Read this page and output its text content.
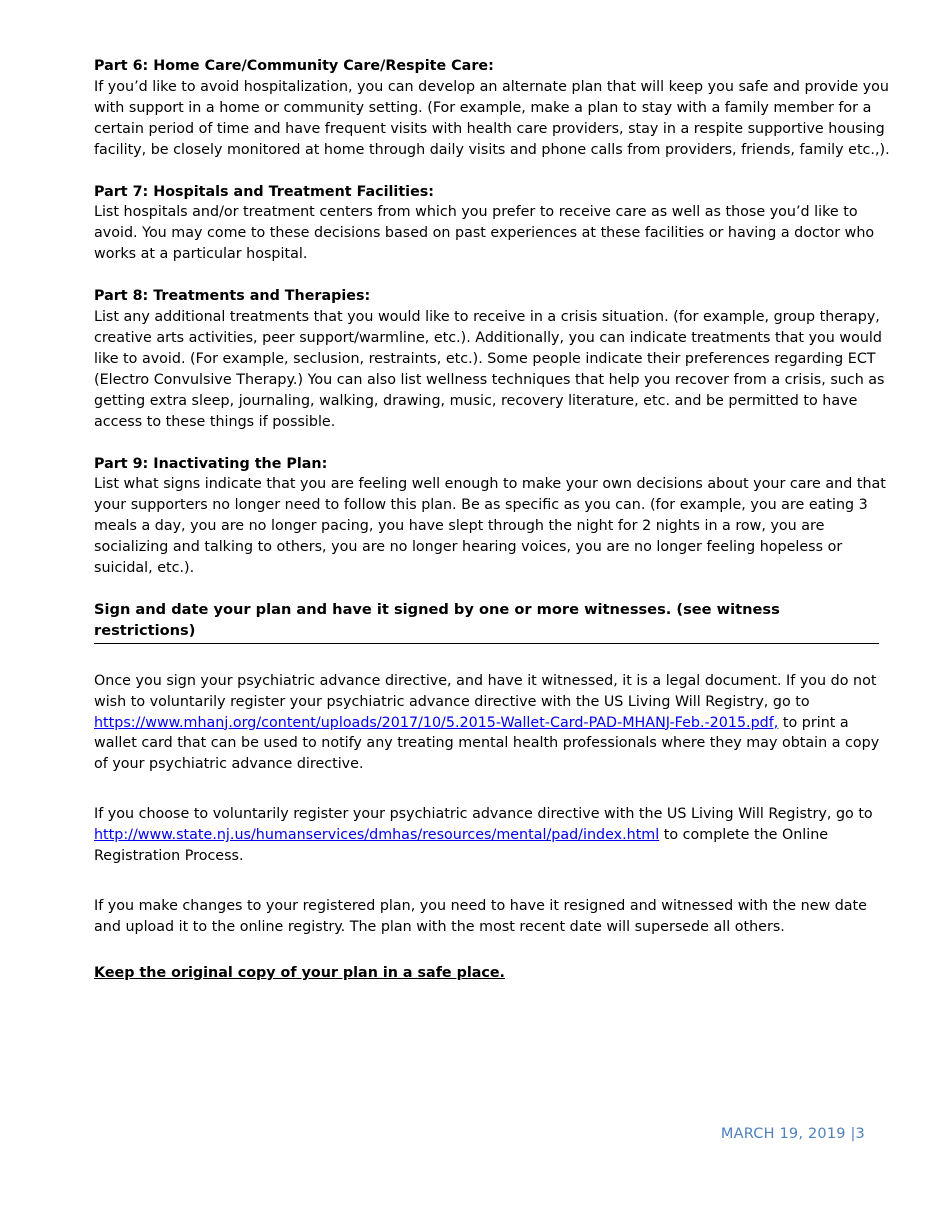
Part 6: Home Care/Community Care/Respite Care:
If you’d like to avoid hospitalization, you can develop an alternate plan that will keep you safe and provide you with support in a home or community setting. (For example, make a plan to stay with a family member for a certain period of time and have frequent visits with health care providers, stay in a respite supportive housing facility, be closely monitored at home through daily visits and phone calls from providers, friends, family etc.,).
Part 7: Hospitals and Treatment Facilities:
List hospitals and/or treatment centers from which you prefer to receive care as well as those you’d like to avoid. You may come to these decisions based on past experiences at these facilities or having a doctor who works at a particular hospital.
Part 8: Treatments and Therapies:
List any additional treatments that you would like to receive in a crisis situation. (for example, group therapy, creative arts activities, peer support/warmline, etc.). Additionally, you can indicate treatments that you would like to avoid. (For example, seclusion, restraints, etc.). Some people indicate their preferences regarding ECT (Electro Convulsive Therapy.) You can also list wellness techniques that help you recover from a crisis, such as getting extra sleep, journaling, walking, drawing, music, recovery literature, etc. and be permitted to have access to these things if possible.
Part 9: Inactivating the Plan:
List what signs indicate that you are feeling well enough to make your own decisions about your care and that your supporters no longer need to follow this plan. Be as specific as you can. (for example, you are eating 3 meals a day, you are no longer pacing, you have slept through the night for 2 nights in a row, you are socializing and talking to others, you are no longer hearing voices, you are no longer feeling hopeless or suicidal, etc.).
Sign and date your plan and have it signed by one or more witnesses. (see witness restrictions)
Once you sign your psychiatric advance directive, and have it witnessed, it is a legal document. If you do not wish to voluntarily register your psychiatric advance directive with the US Living Will Registry, go to https://www.mhanj.org/content/uploads/2017/10/5.2015-Wallet-Card-PAD-MHANJ-Feb.-2015.pdf, to print a wallet card that can be used to notify any treating mental health professionals where they may obtain a copy of your psychiatric advance directive.
If you choose to voluntarily register your psychiatric advance directive with the US Living Will Registry, go to http://www.state.nj.us/humanservices/dmhas/resources/mental/pad/index.html to complete the Online Registration Process.
If you make changes to your registered plan, you need to have it resigned and witnessed with the new date and upload it to the online registry. The plan with the most recent date will supersede all others.
Keep the original copy of your plan in a safe place.
MARCH 19, 2019 |3
